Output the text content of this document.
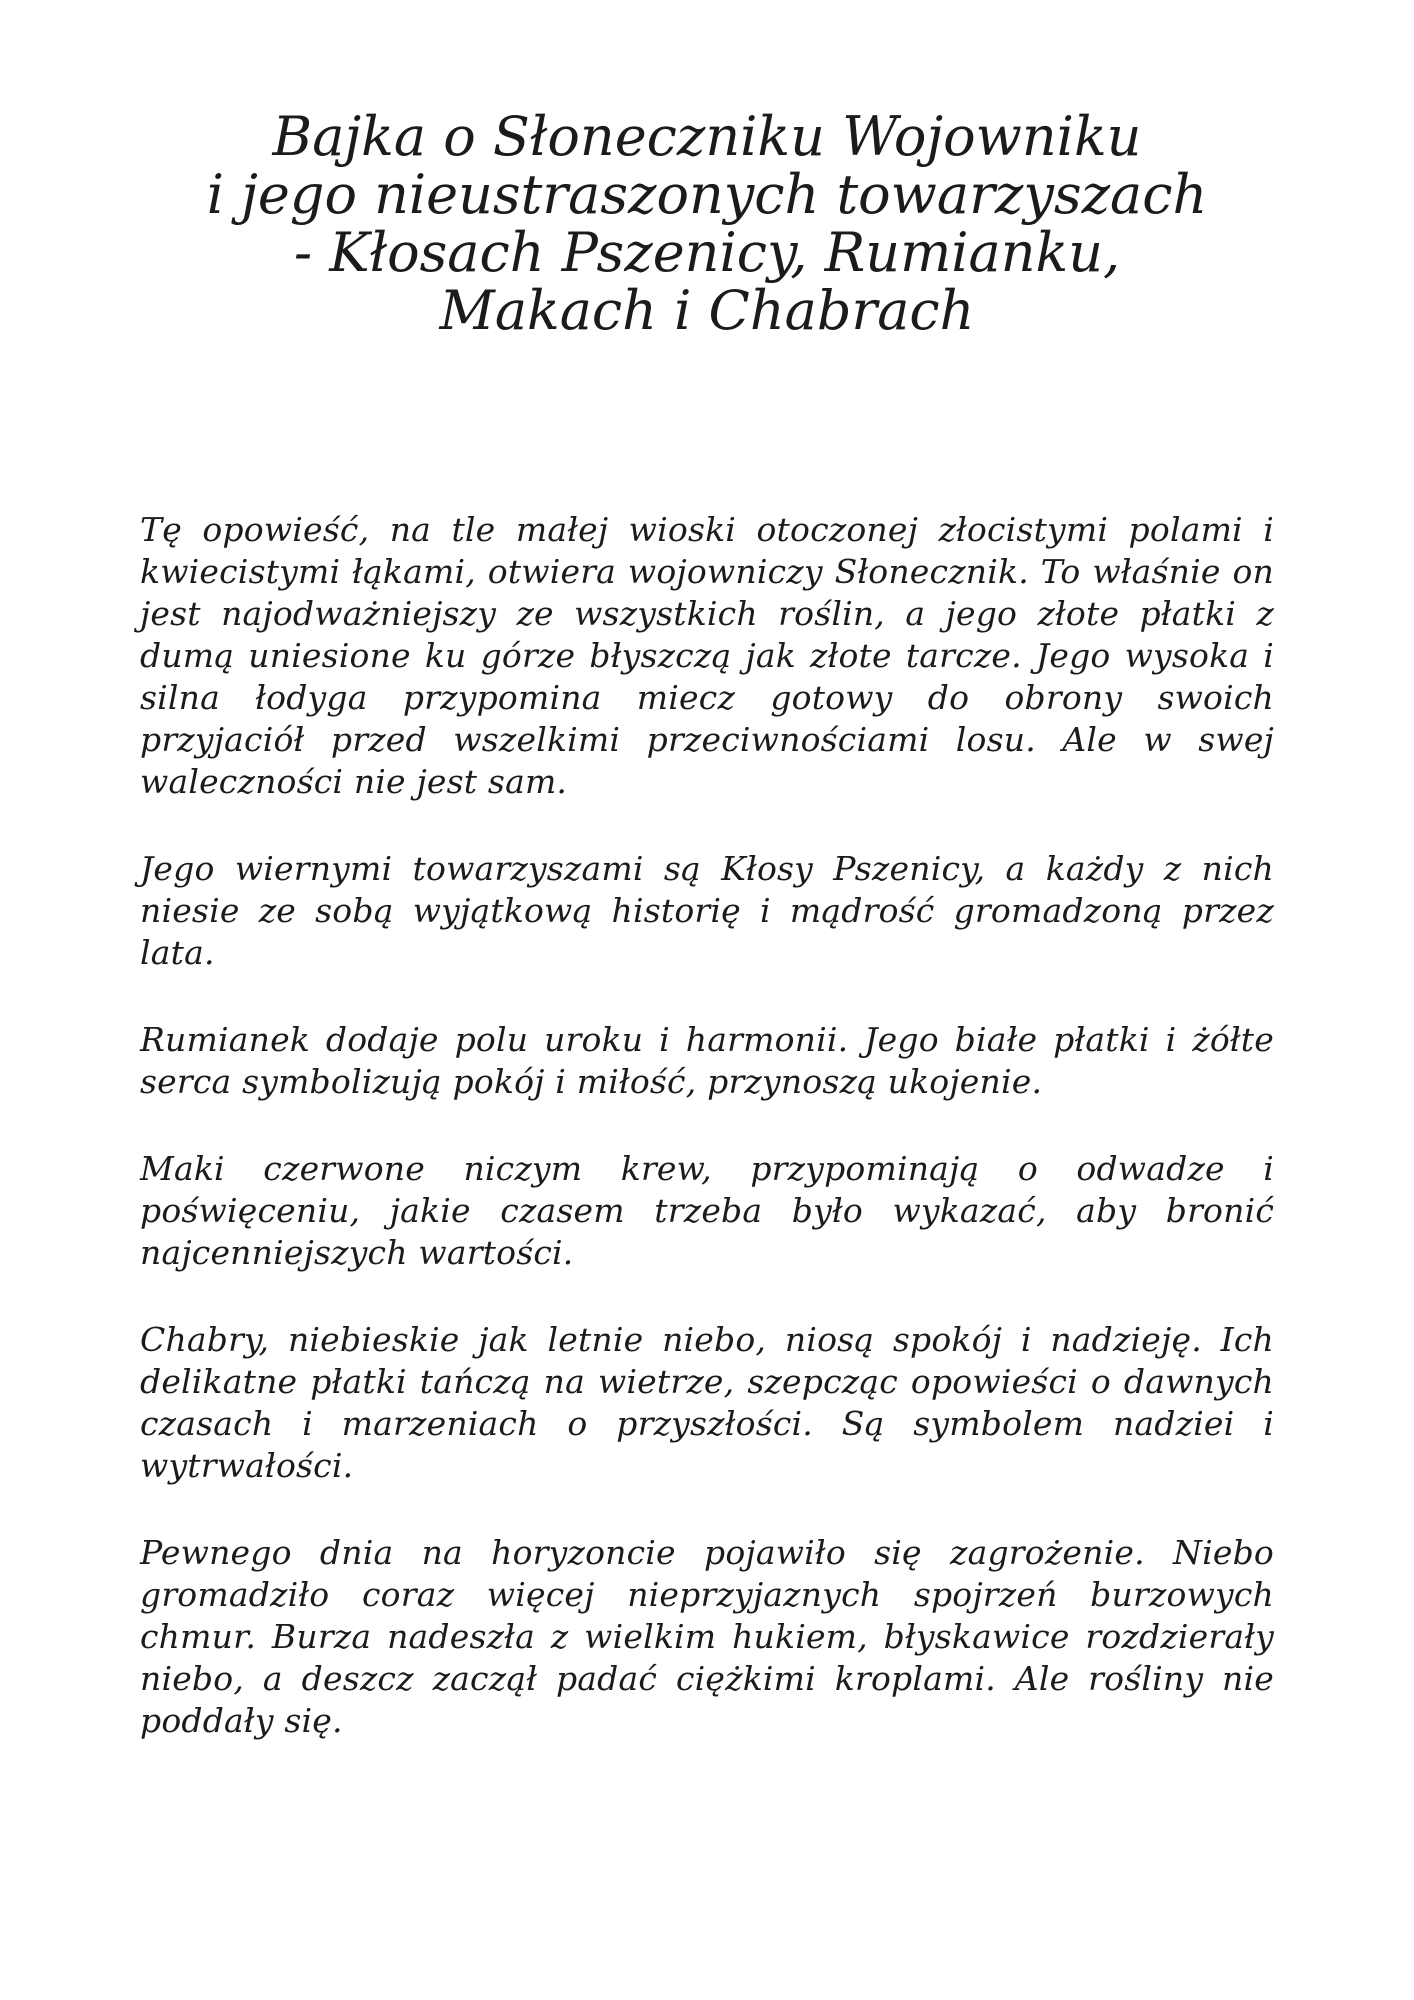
Bajka o Słoneczniku Wojowniku
i jego nieustraszonych towarzyszach
- Kłosach Pszenicy, Rumianku,
Makach i Chabrach

Tę opowieść, na tle małej wioski otoczonej złocistymi polami i kwiecistymi łąkami, otwiera wojowniczy Słonecznik. To właśnie on jest najodważniejszy ze wszystkich roślin, a jego złote płatki z dumą uniesione ku górze błyszczą jak złote tarcze. Jego wysoka i silna łodyga przypomina miecz gotowy do obrony swoich przyjaciół przed wszelkimi przeciwnościami losu. Ale w swej waleczności nie jest sam.

Jego wiernymi towarzyszami są Kłosy Pszenicy, a każdy z nich niesie ze sobą wyjątkową historię i mądrość gromadzoną przez lata.

Rumianek dodaje polu uroku i harmonii. Jego białe płatki i żółte serca symbolizują pokój i miłość, przynoszą ukojenie.

Maki czerwone niczym krew, przypominają o odwadze i poświęceniu, jakie czasem trzeba było wykazać, aby bronić najcenniejszych wartości.

Chabry, niebieskie jak letnie niebo, niosą spokój i nadzieję. Ich delikatne płatki tańczą na wietrze, szepcząc opowieści o dawnych czasach i marzeniach o przyszłości. Są symbolem nadziei i wytrwałości.

Pewnego dnia na horyzoncie pojawiło się zagrożenie. Niebo gromadziło coraz więcej nieprzyjaznych spojrzeń burzowych chmur. Burza nadeszła z wielkim hukiem, błyskawice rozdzierały niebo, a deszcz zaczął padać ciężkimi kroplami. Ale rośliny nie poddały się.
